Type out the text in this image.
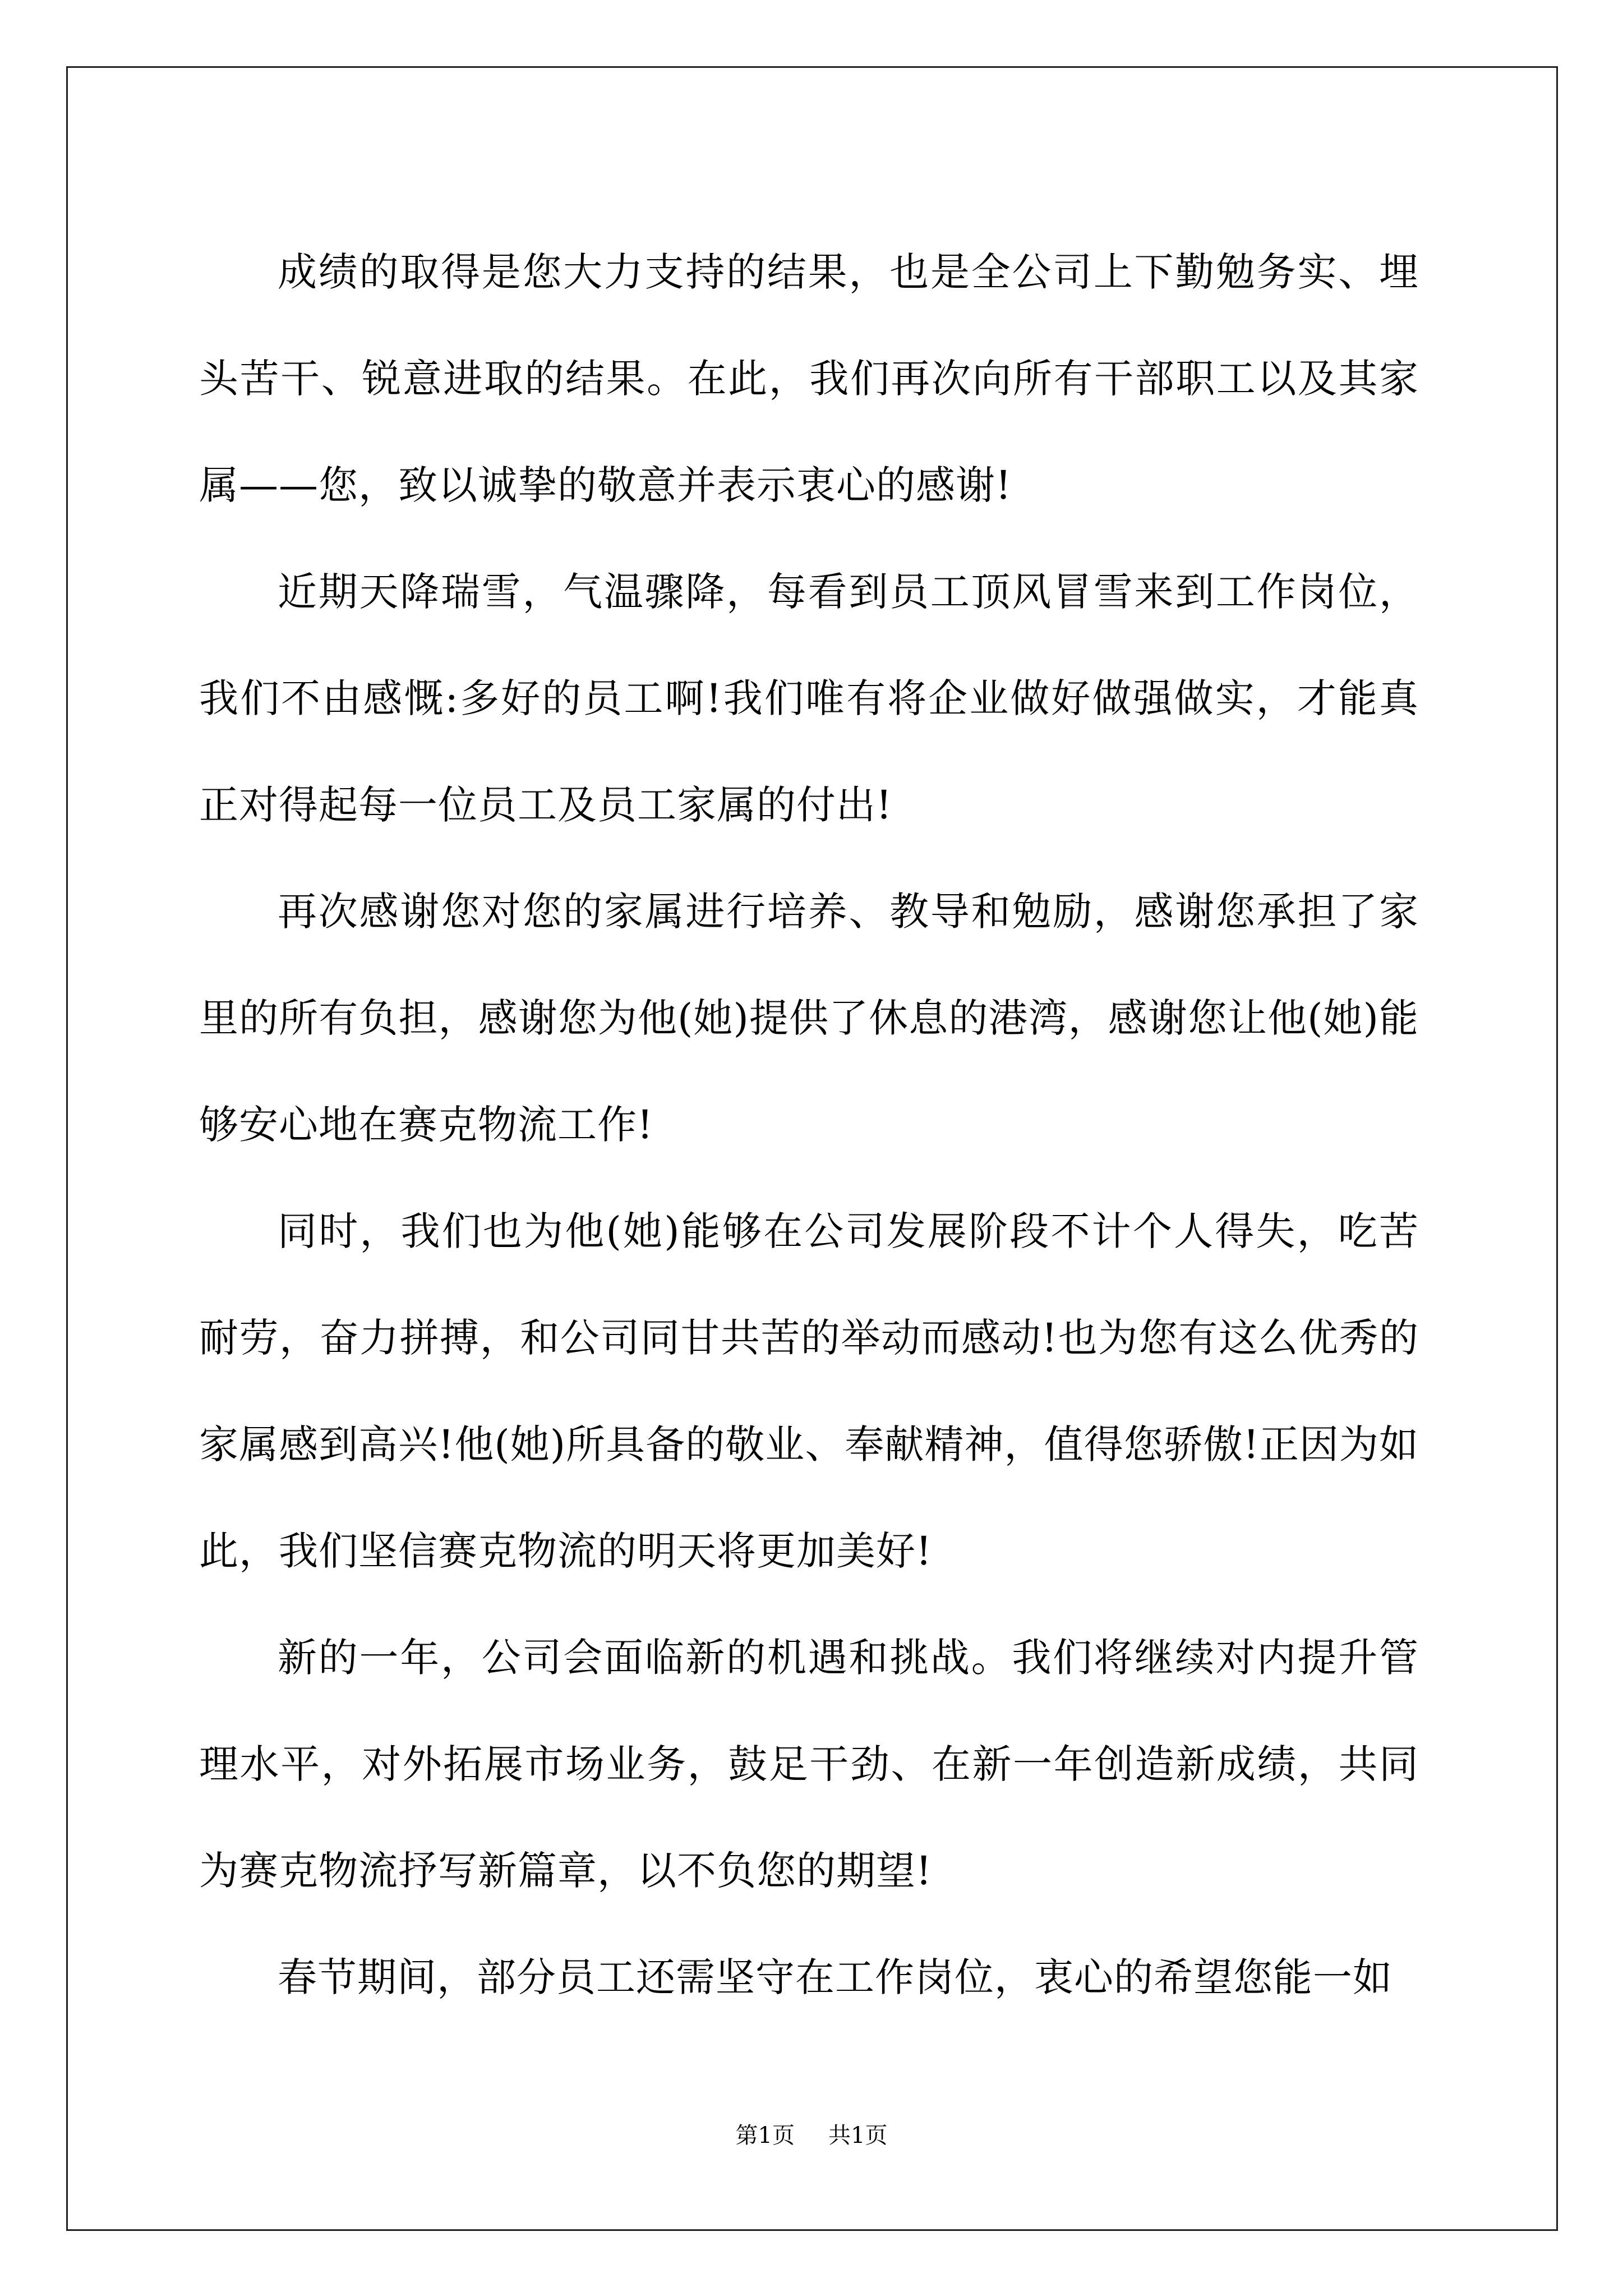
成绩的取得是您大力支持的结果，也是全公司上下勤勉务实、埋头苦干、锐意进取的结果。在此，我们再次向所有干部职工以及其家属——您，致以诚挚的敬意并表示衷心的感谢!

近期天降瑞雪，气温骤降，每看到员工顶风冒雪来到工作岗位，我们不由感慨:多好的员工啊!我们唯有将企业做好做强做实，才能真正对得起每一位员工及员工家属的付出!

再次感谢您对您的家属进行培养、教导和勉励，感谢您承担了家里的所有负担，感谢您为他(她)提供了休息的港湾，感谢您让他(她)能够安心地在赛克物流工作!

同时，我们也为他(她)能够在公司发展阶段不计个人得失，吃苦耐劳，奋力拼搏，和公司同甘共苦的举动而感动!也为您有这么优秀的家属感到高兴!他(她)所具备的敬业、奉献精神，值得您骄傲!正因为如此，我们坚信赛克物流的明天将更加美好!

新的一年，公司会面临新的机遇和挑战。我们将继续对内提升管理水平，对外拓展市场业务，鼓足干劲、在新一年创造新成绩，共同为赛克物流抒写新篇章，以不负您的期望!

春节期间，部分员工还需坚守在工作岗位，衷心的希望您能一如

第1页 共1页
